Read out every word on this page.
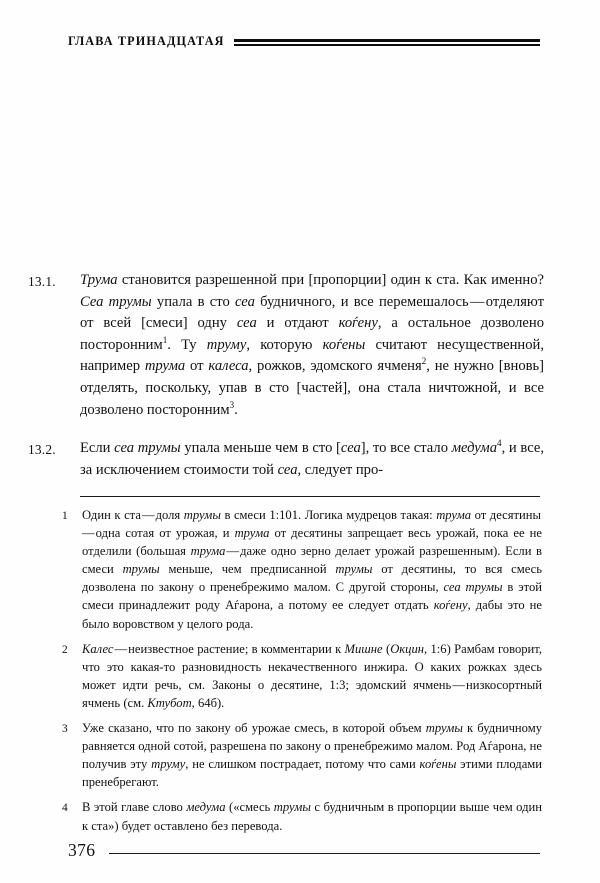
ГЛАВА ТРИНАДЦАТАЯ
13.1.	Трума становится разрешенной при [пропорции] один к ста. Как именно? Сеа трумы упала в сто сеа будничного, и все перемешалось — отделяют от всей [смеси] одну сеа и отдают коѓену, а остальное дозволено посторонним$^1$. Ту труму, которую коѓены считают несущественной, например трума от калеса, рожков, эдомского ячменя$^2$, не нужно [вновь] отделять, поскольку, упав в сто [частей], она стала ничтожной, и все дозволено посторонним$^3$.
13.2.	Если сеа трумы упала меньше чем в сто [сеа], то все стало медума$^4$, и все, за исключением стоимости той сеа, следует про-
1	Один к ста — доля трумы в смеси 1:101. Логика мудрецов такая: трума от десятины — одна сотая от урожая, и трума от десятины запрещает весь урожай, пока ее не отделили (большая трума — даже одно зерно делает урожай разрешенным). Если в смеси трумы меньше, чем предписанной трумы от десятины, то вся смесь дозволена по закону о пренебрежимо малом. С другой стороны, сеа трумы в этой смеси принадлежит роду Аѓарона, а потому ее следует отдать коѓену, дабы это не было воровством у целого рода.
2	Калес — неизвестное растение; в комментарии к Мишне (Окцин, 1:6) Рамбам говорит, что это какая-то разновидность некачественного инжира. О каких рожках здесь может идти речь, см. Законы о десятине, 1:3; эдомский ячмень — низкосортный ячмень (см. Ктубот, 64б).
3	Уже сказано, что по закону об урожае смесь, в которой объем трумы к будничному равняется одной сотой, разрешена по закону о пренебрежимо малом. Род Аѓарона, не получив эту труму, не слишком пострадает, потому что сами коѓены этими плодами пренебрегают.
4	В этой главе слово медума («смесь трумы с будничным в пропорции выше чем один к ста») будет оставлено без перевода.
376
